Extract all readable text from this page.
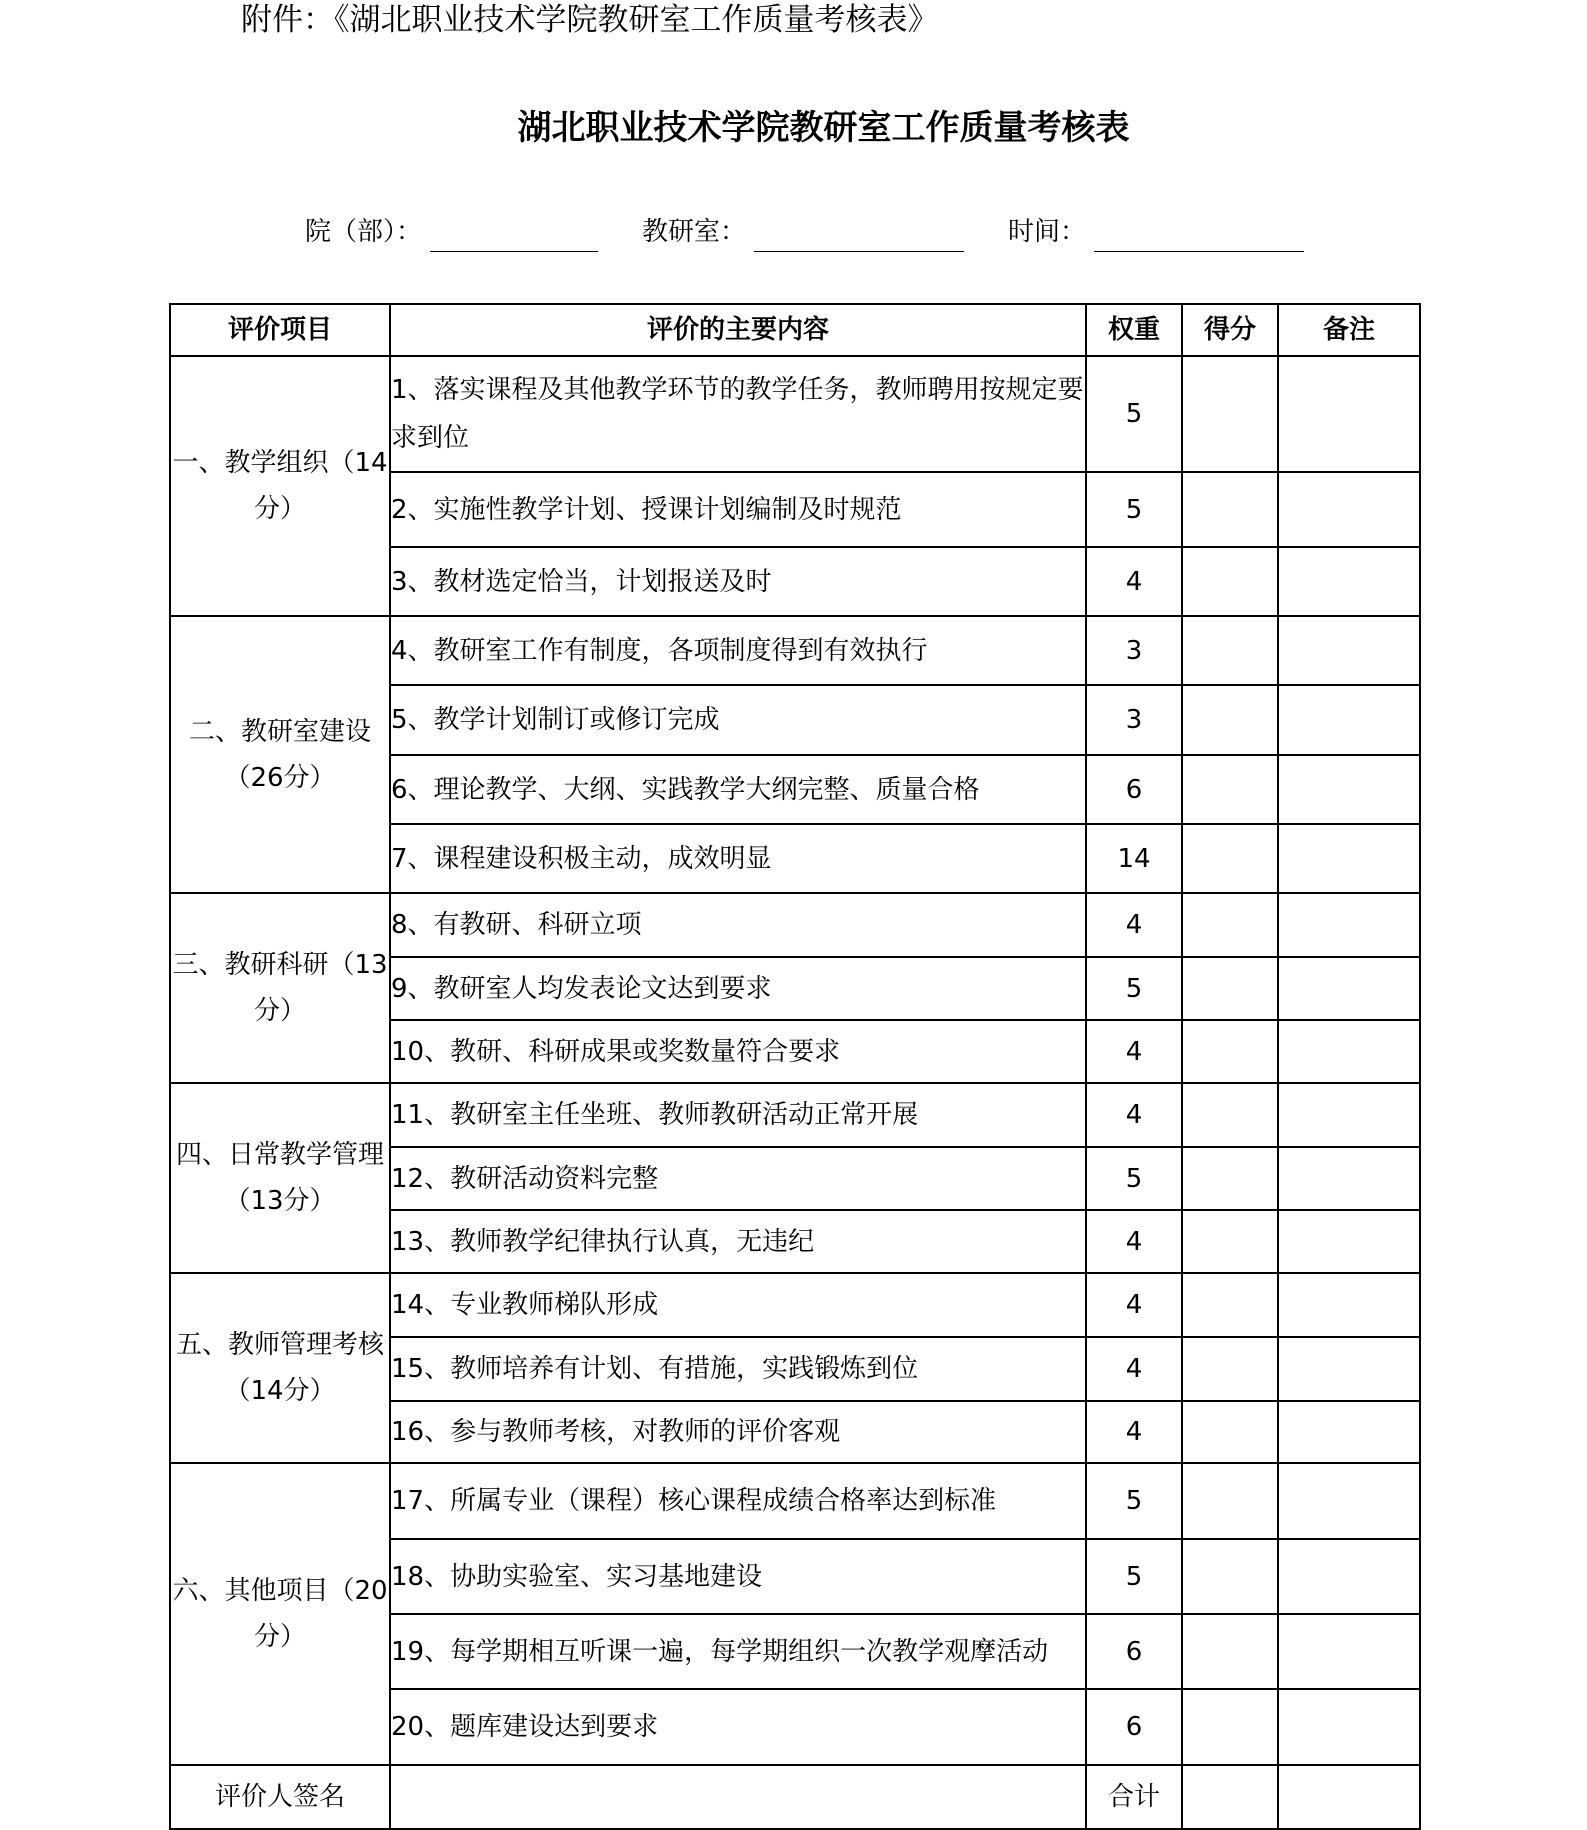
附件：《湖北职业技术学院教研室工作质量考核表》
湖北职业技术学院教研室工作质量考核表
院（部）：	教研室：	时间：
评价项目	评价的主要内容	权重	得分	备注
一、教学组织（14分）	1、落实课程及其他教学环节的教学任务，教师聘用按规定要求到位	5		
	2、实施性教学计划、授课计划编制及时规范	5		
	3、教材选定恰当，计划报送及时	4		
二、教研室建设（26分）	4、教研室工作有制度，各项制度得到有效执行	3		
	5、教学计划制订或修订完成	3		
	6、理论教学、大纲、实践教学大纲完整、质量合格	6		
	7、课程建设积极主动，成效明显	14		
三、教研科研（13分）	8、有教研、科研立项	4		
	9、教研室人均发表论文达到要求	5		
	10、教研、科研成果或奖数量符合要求	4		
四、日常教学管理（13分）	11、教研室主任坐班、教师教研活动正常开展	4		
	12、教研活动资料完整	5		
	13、教师教学纪律执行认真，无违纪	4		
五、教师管理考核（14分）	14、专业教师梯队形成	4		
	15、教师培养有计划、有措施，实践锻炼到位	4		
	16、参与教师考核，对教师的评价客观	4		
六、其他项目（20分）	17、所属专业（课程）核心课程成绩合格率达到标准	5		
	18、协助实验室、实习基地建设	5		
	19、每学期相互听课一遍，每学期组织一次教学观摩活动	6		
	20、题库建设达到要求	6		
评价人签名		合计		
